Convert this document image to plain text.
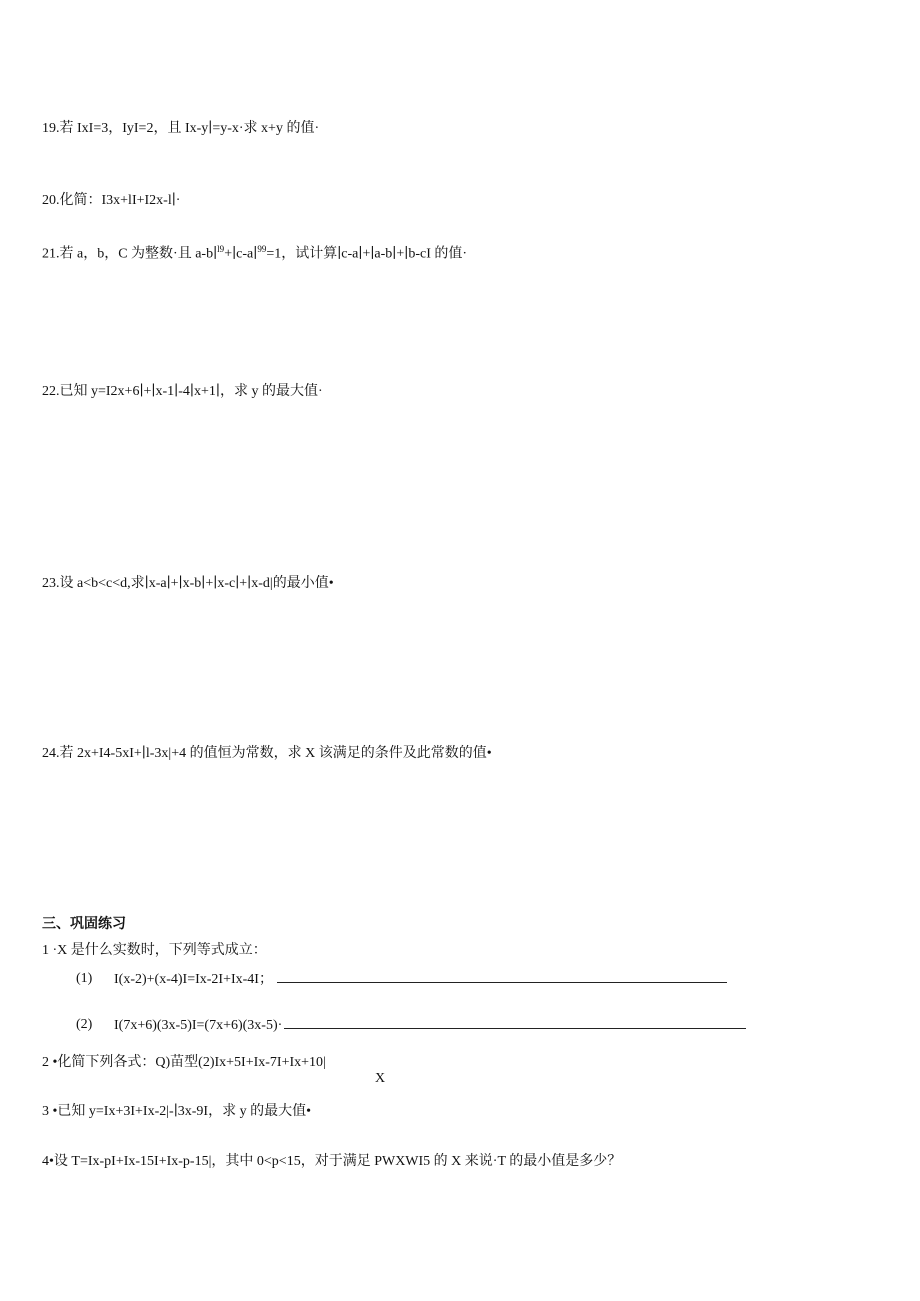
19.若 IxI=3，IyI=2，且 Ix-y∣=y-x·求 x+y 的值·
20.化简：I3x+lI+I2x-l∣·
21.若 a，b，C 为整数·且 a-b∣$^{l9}$+∣c-a∣$^{99}$=1，试计算∣c-a∣+∣a-b∣+∣b-cI 的值·
22.已知 y=I2x+6∣+∣x-1∣-4∣x+1∣，求 y 的最大值·
23.设 a<b<c<d,求∣x-a∣+∣x-b∣+∣x-c∣+∣x-d|的最小值•
24.若 2x+I4-5xI+∣l-3x|+4 的值恒为常数，求 X 该满足的条件及此常数的值•
三、巩固练习
1 ·X 是什么实数时，下列等式成立：
(1) I(x-2)+(x-4)I=Ix-2I+Ix-4I；
(2) I(7x+6)(3x-5)I=(7x+6)(3x-5)·
2 •化简下列各式：Q)苗型(2)Ix+5I+Ix-7I+Ix+10|
X
3 •已知 y=Ix+3I+Ix-2|-∣3x-9I，求 y 的最大值•
4•设 T=Ix-pI+Ix-15I+Ix-p-15|，其中 0<p<15，对于满足 PWXWI5 的 X 来说·T 的最小值是多少？
